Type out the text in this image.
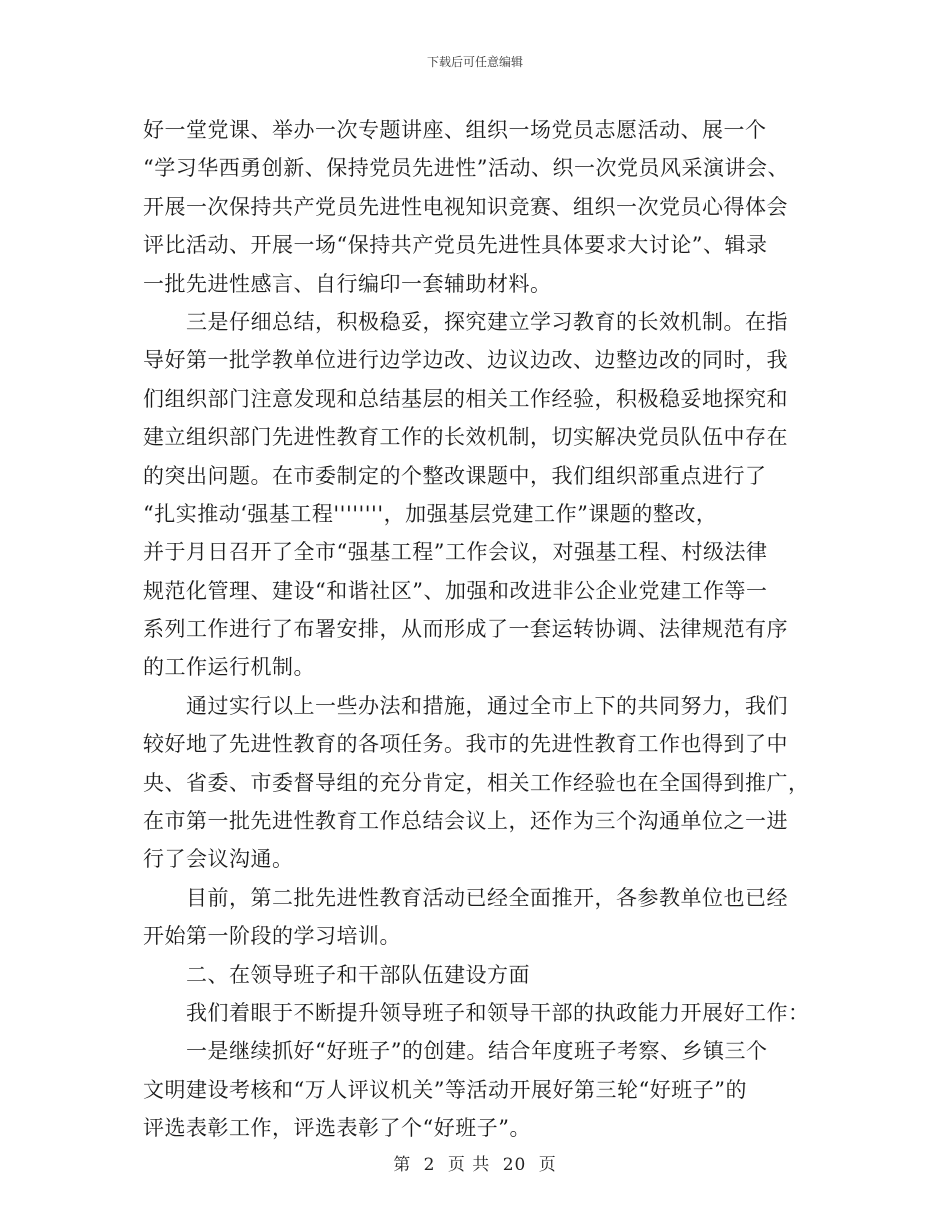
下载后可任意编辑
好一堂党课、举办一次专题讲座、组织一场党员志愿活动、展一个
“学习华西勇创新、保持党员先进性”活动、织一次党员风采演讲会、
开展一次保持共产党员先进性电视知识竞赛、组织一次党员心得体会
评比活动、开展一场“保持共产党员先进性具体要求大讨论”、辑录
一批先进性感言、自行编印一套辅助材料。
三是仔细总结，积极稳妥，探究建立学习教育的长效机制。在指
导好第一批学教单位进行边学边改、边议边改、边整边改的同时，我
们组织部门注意发现和总结基层的相关工作经验，积极稳妥地探究和
建立组织部门先进性教育工作的长效机制，切实解决党员队伍中存在
的突出问题。在市委制定的个整改课题中，我们组织部重点进行了
“扎实推动‘强基工程''''''''，加强基层党建工作”课题的整改，
并于月日召开了全市“强基工程”工作会议，对强基工程、村级法律
规范化管理、建设“和谐社区”、加强和改进非公企业党建工作等一
系列工作进行了布署安排，从而形成了一套运转协调、法律规范有序
的工作运行机制。
通过实行以上一些办法和措施，通过全市上下的共同努力，我们
较好地了先进性教育的各项任务。我市的先进性教育工作也得到了中
央、省委、市委督导组的充分肯定，相关工作经验也在全国得到推广，
在市第一批先进性教育工作总结会议上，还作为三个沟通单位之一进
行了会议沟通。
目前，第二批先进性教育活动已经全面推开，各参教单位也已经
开始第一阶段的学习培训。
二、在领导班子和干部队伍建设方面
我们着眼于不断提升领导班子和领导干部的执政能力开展好工作：
一是继续抓好“好班子”的创建。结合年度班子考察、乡镇三个
文明建设考核和“万人评议机关”等活动开展好第三轮“好班子”的
评选表彰工作，评选表彰了个“好班子”。
第 2 页 共 20 页
